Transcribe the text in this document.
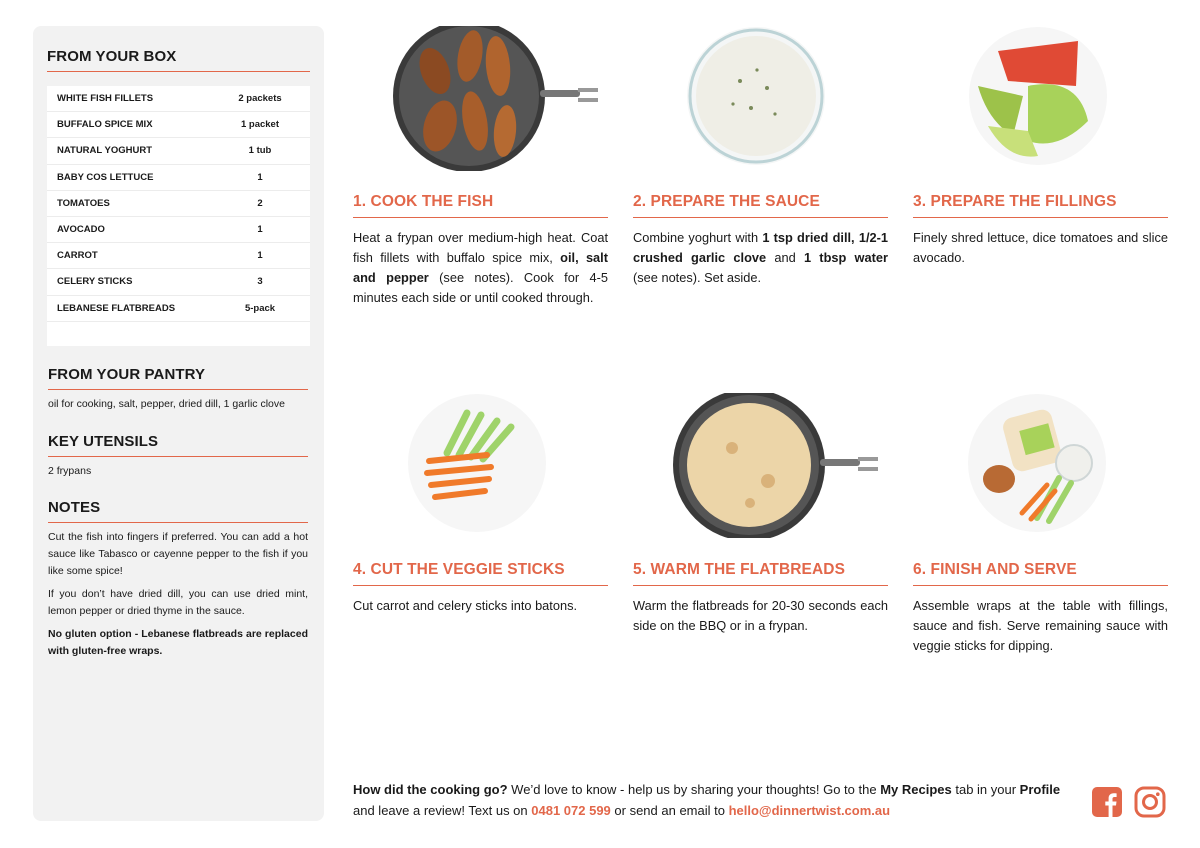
FROM YOUR BOX
WHITE FISH FILLETS	2 packets
BUFFALO SPICE MIX	1 packet
NATURAL YOGHURT	1 tub
BABY COS LETTUCE	1
TOMATOES	2
AVOCADO	1
CARROT	1
CELERY STICKS	3
LEBANESE FLATBREADS	5-pack
FROM YOUR PANTRY
oil for cooking, salt, pepper, dried dill, 1 garlic clove
KEY UTENSILS
2 frypans
NOTES

Cut the fish into fingers if preferred. You can add a hot sauce like Tabasco or cayenne pepper to the fish if you like some spice!

If you don’t have dried dill, you can use dried mint, lemon pepper or dried thyme in the sauce.

No gluten option - Lebanese flatbreads are replaced with gluten-free wraps.

1. COOK THE FISH
Heat a frypan over medium-high heat. Coat fish fillets with buffalo spice mix, oil, salt and pepper (see notes). Cook for 4-5 minutes each side or until cooked through.
2. PREPARE THE SAUCE
Combine yoghurt with 1 tsp dried dill, 1/2-1 crushed garlic clove and 1 tbsp water (see notes). Set aside.
3. PREPARE THE FILLINGS
Finely shred lettuce, dice tomatoes and slice avocado.
4. CUT THE VEGGIE STICKS
Cut carrot and celery sticks into batons.
5. WARM THE FLATBREADS
Warm the flatbreads for 20-30 seconds each side on the BBQ or in a frypan.
6. FINISH AND SERVE
Assemble wraps at the table with fillings, sauce and fish. Serve remaining sauce with veggie sticks for dipping.
How did the cooking go? We’d love to know - help us by sharing your thoughts! Go to the My Recipes tab in your Profile and leave a review! Text us on 0481 072 599 or send an email to hello@dinnertwist.com.au
